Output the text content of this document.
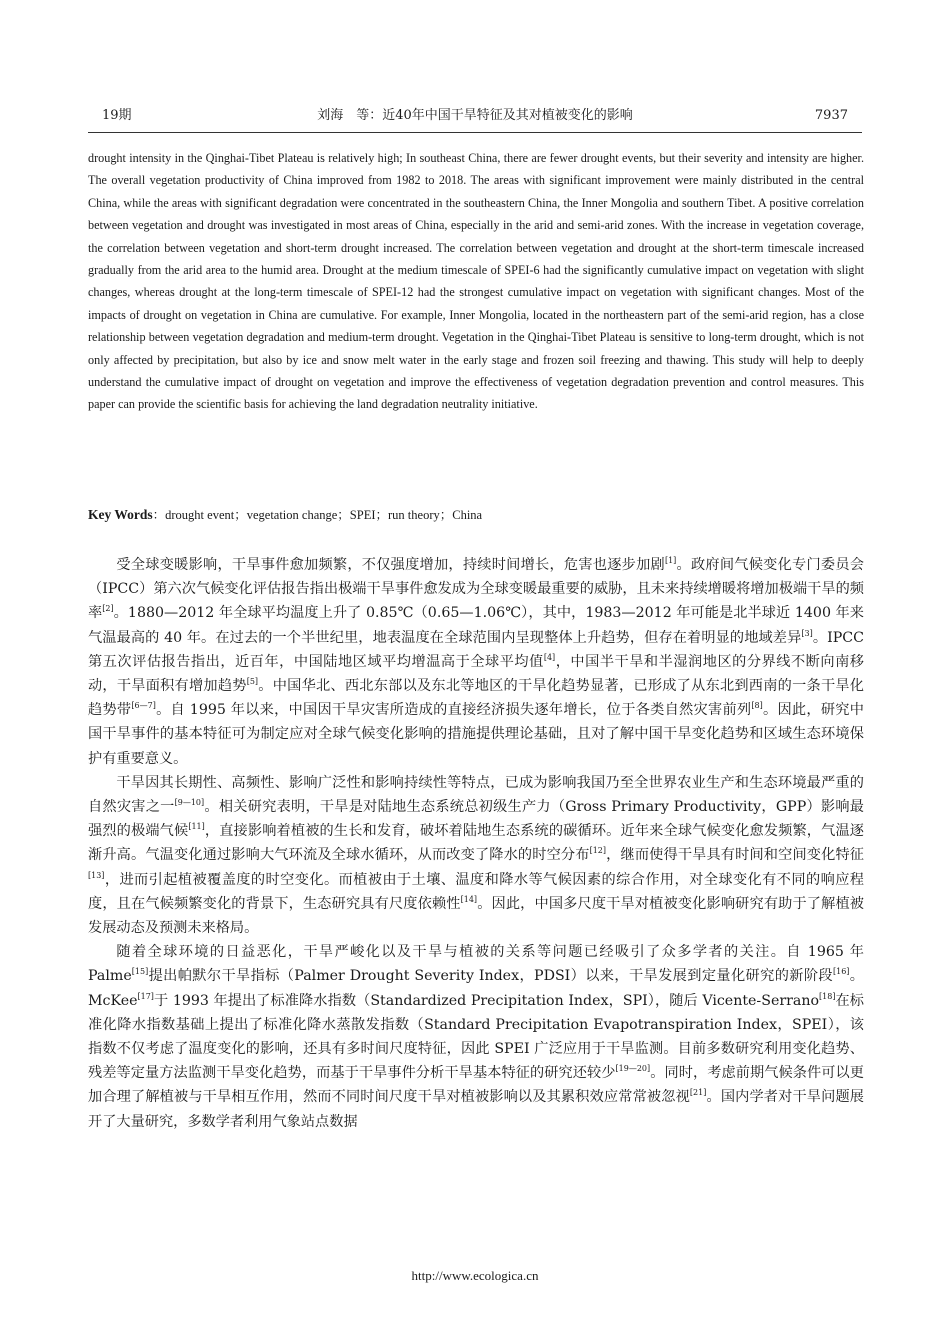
19期	刘海　等：近40年中国干旱特征及其对植被变化的影响	7937
drought intensity in the Qinghai-Tibet Plateau is relatively high; In southeast China, there are fewer drought events, but their severity and intensity are higher. The overall vegetation productivity of China improved from 1982 to 2018. The areas with significant improvement were mainly distributed in the central China, while the areas with significant degradation were concentrated in the southeastern China, the Inner Mongolia and southern Tibet. A positive correlation between vegetation and drought was investigated in most areas of China, especially in the arid and semi-arid zones. With the increase in vegetation coverage, the correlation between vegetation and short-term drought increased. The correlation between vegetation and drought at the short-term timescale increased gradually from the arid area to the humid area. Drought at the medium timescale of SPEI-6 had the significantly cumulative impact on vegetation with slight changes, whereas drought at the long-term timescale of SPEI-12 had the strongest cumulative impact on vegetation with significant changes. Most of the impacts of drought on vegetation in China are cumulative. For example, Inner Mongolia, located in the northeastern part of the semi-arid region, has a close relationship between vegetation degradation and medium-term drought. Vegetation in the Qinghai-Tibet Plateau is sensitive to long-term drought, which is not only affected by precipitation, but also by ice and snow melt water in the early stage and frozen soil freezing and thawing. This study will help to deeply understand the cumulative impact of drought on vegetation and improve the effectiveness of vegetation degradation prevention and control measures. This paper can provide the scientific basis for achieving the land degradation neutrality initiative.
Key Words：drought event；vegetation change；SPEI；run theory；China

受全球变暖影响，干旱事件愈加频繁，不仅强度增加，持续时间增长，危害也逐步加剧[1]。政府间气候变化专门委员会（IPCC）第六次气候变化评估报告指出极端干旱事件愈发成为全球变暖最重要的威胁，且未来持续增暖将增加极端干旱的频率[2]。1880—2012 年全球平均温度上升了 0.85℃（0.65—1.06℃），其中，1983—2012 年可能是北半球近 1400 年来气温最高的 40 年。在过去的一个半世纪里，地表温度在全球范围内呈现整体上升趋势，但存在着明显的地域差异[3]。IPCC 第五次评估报告指出，近百年，中国陆地区域平均增温高于全球平均值[4]，中国半干旱和半湿润地区的分界线不断向南移动，干旱面积有增加趋势[5]。中国华北、西北东部以及东北等地区的干旱化趋势显著，已形成了从东北到西南的一条干旱化趋势带[6—7]。自 1995 年以来，中国因干旱灾害所造成的直接经济损失逐年增长，位于各类自然灾害前列[8]。因此，研究中国干旱事件的基本特征可为制定应对全球气候变化影响的措施提供理论基础，且对了解中国干旱变化趋势和区域生态环境保护有重要意义。

干旱因其长期性、高频性、影响广泛性和影响持续性等特点，已成为影响我国乃至全世界农业生产和生态环境最严重的自然灾害之一[9—10]。相关研究表明，干旱是对陆地生态系统总初级生产力（Gross Primary Productivity，GPP）影响最强烈的极端气候[11]，直接影响着植被的生长和发育，破坏着陆地生态系统的碳循环。近年来全球气候变化愈发频繁，气温逐渐升高。气温变化通过影响大气环流及全球水循环，从而改变了降水的时空分布[12]，继而使得干旱具有时间和空间变化特征[13]，进而引起植被覆盖度的时空变化。而植被由于土壤、温度和降水等气候因素的综合作用，对全球变化有不同的响应程度，且在气候频繁变化的背景下，生态研究具有尺度依赖性[14]。因此，中国多尺度干旱对植被变化影响研究有助于了解植被发展动态及预测未来格局。

随着全球环境的日益恶化，干旱严峻化以及干旱与植被的关系等问题已经吸引了众多学者的关注。自 1965 年 Palme[15]提出帕默尔干旱指标（Palmer Drought Severity Index，PDSI）以来，干旱发展到定量化研究的新阶段[16]。McKee[17]于 1993 年提出了标准降水指数（Standardized Precipitation Index，SPI），随后 Vicente-Serrano[18]在标准化降水指数基础上提出了标准化降水蒸散发指数（Standard Precipitation Evapotranspiration Index，SPEI），该指数不仅考虑了温度变化的影响，还具有多时间尺度特征，因此 SPEI 广泛应用于干旱监测。目前多数研究利用变化趋势、残差等定量方法监测干旱变化趋势，而基于干旱事件分析干旱基本特征的研究还较少[19—20]。同时，考虑前期气候条件可以更加合理了解植被与干旱相互作用，然而不同时间尺度干旱对植被影响以及其累积效应常常被忽视[21]。国内学者对干旱问题展开了大量研究，多数学者利用气象站点数据

http://www.ecologica.cn
